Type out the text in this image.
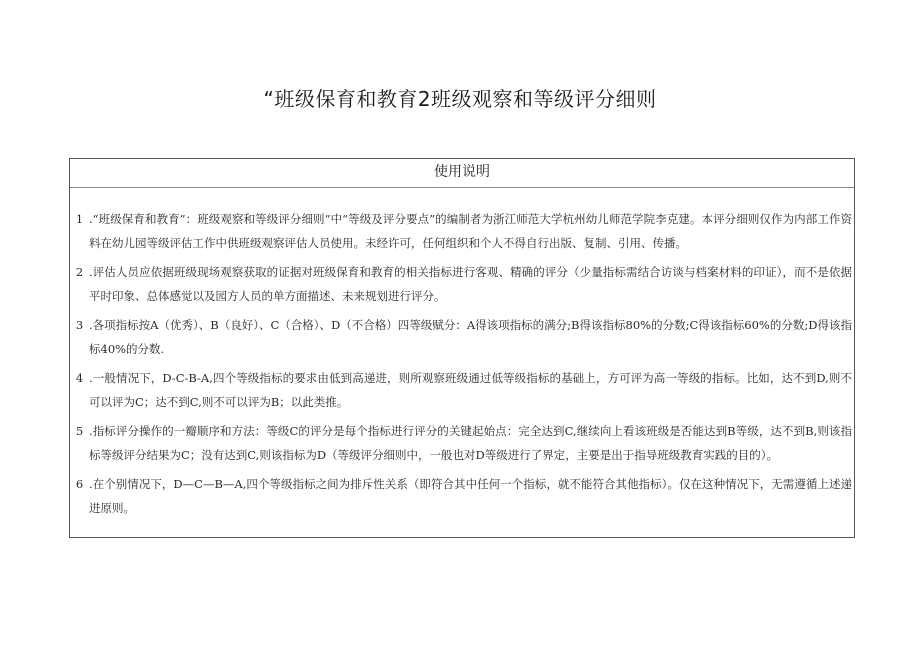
“班级保育和教育2班级观察和等级评分细则
使用说明
1 .“班级保育和教育”：班级观察和等级评分细则”中“等级及评分要点”的编制者为浙江师范大学杭州幼儿师范学院李克建。本评分细则仅作为内部工作资料在幼儿园等级评估工作中供班级观察评估人员使用。未经许可，任何组织和个人不得自行出版、复制、引用、传播。
2 .评估人员应依据班级现场观察获取的证据对班级保育和教育的相关指标进行客观、精确的评分（少量指标需结合访谈与档案材料的印证），而不是依据平时印象、总体感觉以及园方人员的单方面描述、未来规划进行评分。
3 .各项指标按A（优秀）、B（良好）、C（合格）、D（不合格）四等级赋分：A得该项指标的满分;B得该指标80%的分数;C得该指标60%的分数;D得该指标40%的分数.
4 .一般情况下，D-C-B-A,四个等级指标的要求由低到高递进，则所观察班级通过低等级指标的基础上，方可评为高一等级的指标。比如，达不到D,则不可以评为C；达不到C,则不可以评为B；以此类推。
5 .指标评分操作的一瓣顺序和方法：等级C的评分是每个指标进行评分的关键起始点：完全达到C,继续向上看该班级是否能达到B等级，达不到B,则该指标等级评分结果为C；没有达到C,则该指标为D（等级评分细则中，一般也对D等级进行了界定，主要是出于指导班级教育实践的目的）。
6 .在个别情况下，D—C—B—A,四个等级指标之间为排斥性关系（即符合其中任何一个指标，就不能符合其他指标）。仅在这种情况下，无需遵循上述递进原则。
